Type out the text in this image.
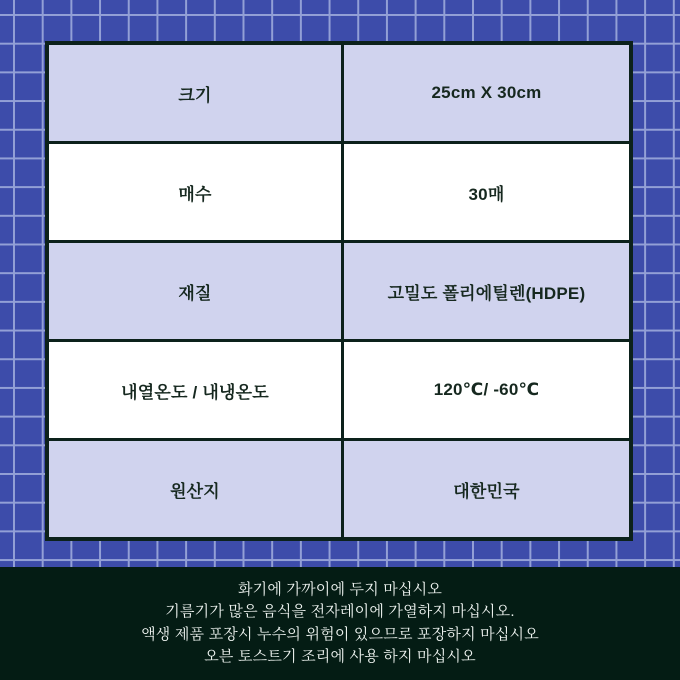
크기	25cm X 30cm
매수	30매
재질	고밀도 폴리에틸렌(HDPE)
내열온도 / 내냉온도	120℃/ -60℃
원산지	대한민국
화기에 가까이에 두지 마십시오
기름기가 많은 음식을 전자레이에 가열하지 마십시오.
액생 제품 포장시 누수의 위험이 있으므로 포장하지 마십시오
오븐 토스트기 조리에 사용 하지 마십시오
